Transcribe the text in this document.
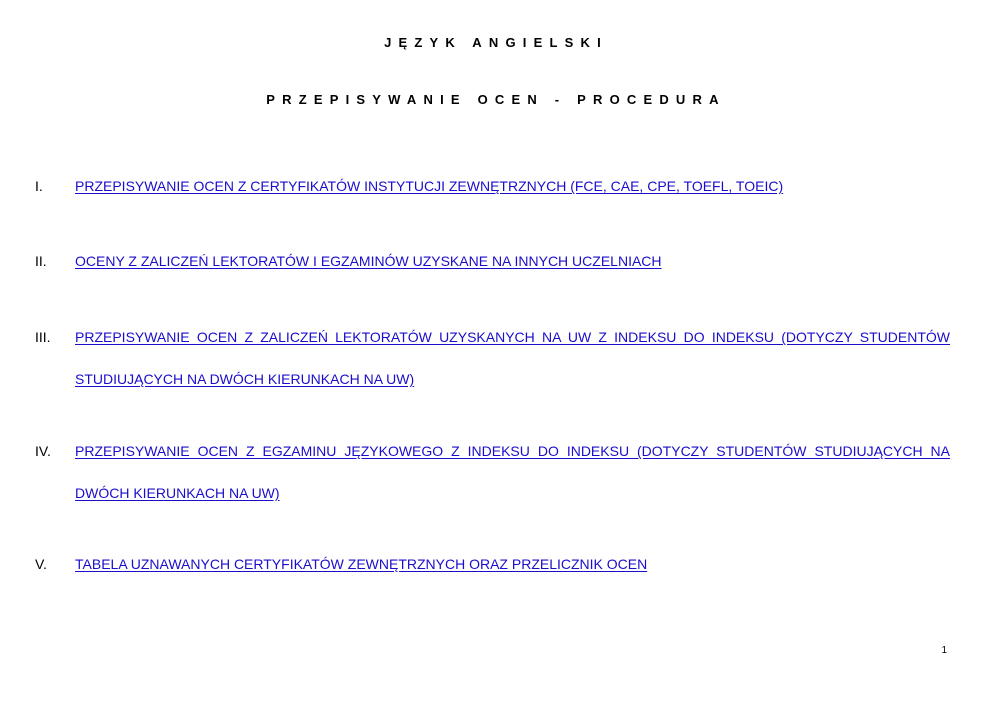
JĘZYK ANGIELSKI
PRZEPISYWANIE OCEN - PROCEDURA
I.	PRZEPISYWANIE OCEN Z CERTYFIKATÓW INSTYTUCJI ZEWNĘTRZNYCH (FCE, CAE, CPE, TOEFL, TOEIC)
II.	OCENY Z ZALICZEŃ LEKTORATÓW I EGZAMINÓW UZYSKANE NA INNYCH UCZELNIACH
III.	PRZEPISYWANIE OCEN Z ZALICZEŃ LEKTORATÓW UZYSKANYCH NA UW Z INDEKSU DO INDEKSU (DOTYCZY STUDENTÓW STUDIUJĄCYCH NA DWÓCH KIERUNKACH NA UW)
IV.	PRZEPISYWANIE OCEN Z EGZAMINU JĘZYKOWEGO Z INDEKSU DO INDEKSU (DOTYCZY STUDENTÓW STUDIUJĄCYCH NA DWÓCH KIERUNKACH NA UW)
V.	TABELA UZNAWANYCH CERTYFIKATÓW ZEWNĘTRZNYCH ORAZ PRZELICZNIK OCEN
1
